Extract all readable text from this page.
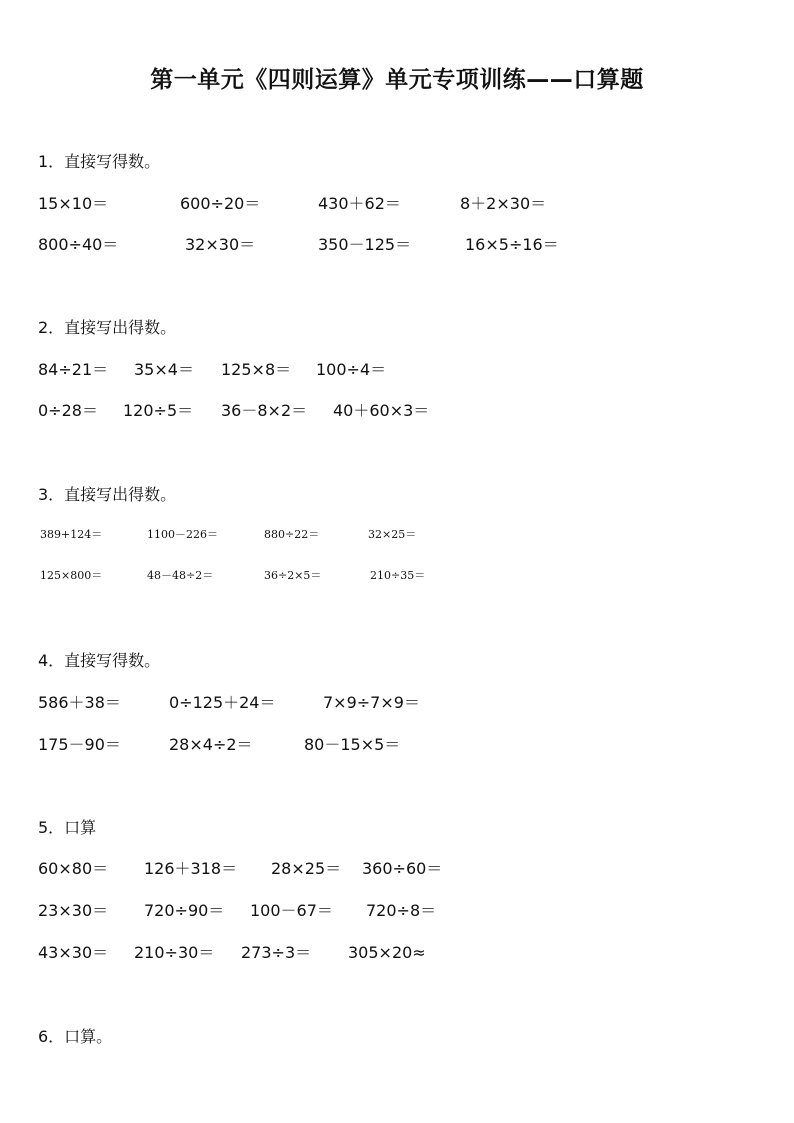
第一单元《四则运算》单元专项训练——口算题
1．直接写得数。
15×10＝	600÷20＝	430＋62＝	8＋2×30＝
800÷40＝	32×30＝	350－125＝	16×5÷16＝
2．直接写出得数。
84÷21＝ 35×4＝ 125×8＝ 100÷4＝
0÷28＝ 120÷5＝ 36－8×2＝ 40＋60×3＝
3．直接写出得数。
389+124＝	1100－226＝	880÷22＝	32×25＝
125×800＝	48－48÷2＝	36÷2×5＝	210÷35＝
4．直接写得数。
586＋38＝	0÷125＋24＝	7×9÷7×9＝
175－90＝	28×4÷2＝	80－15×5＝
5．口算
60×80＝ 126＋318＝ 28×25＝ 360÷60＝
23×30＝ 720÷90＝ 100－67＝ 720÷8＝
43×30＝ 210÷30＝ 273÷3＝ 305×20≈
6．口算。
